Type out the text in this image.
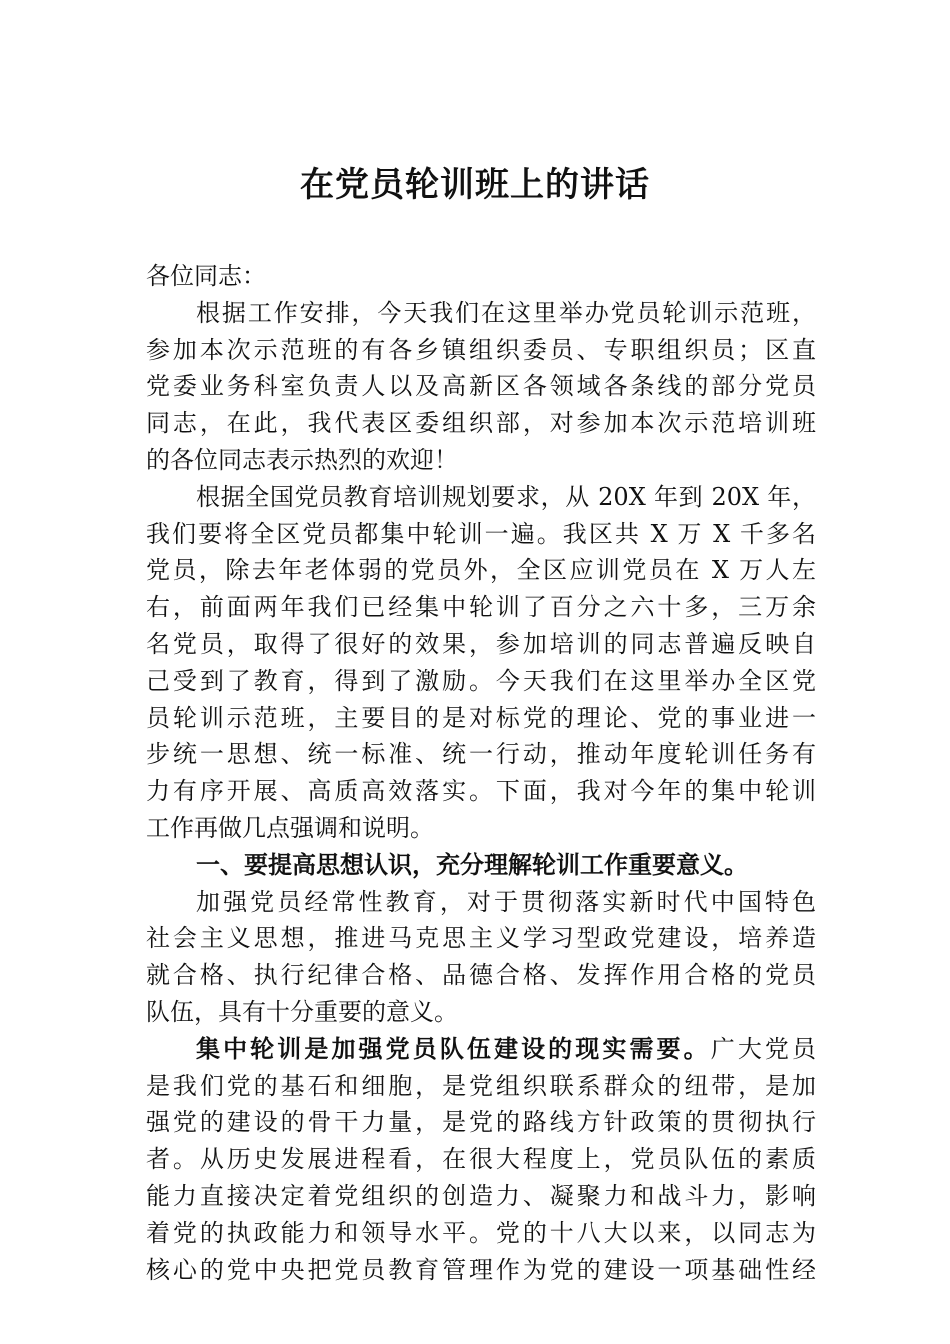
在党员轮训班上的讲话
各位同志：
根据工作安排，今天我们在这里举办党员轮训示范班，
参加本次示范班的有各乡镇组织委员、专职组织员；区直
党委业务科室负责人以及高新区各领域各条线的部分党员
同志，在此，我代表区委组织部，对参加本次示范培训班
的各位同志表示热烈的欢迎！
根据全国党员教育培训规划要求，从 20X 年到 20X 年，
我们要将全区党员都集中轮训一遍。我区共 X 万 X 千多名
党员，除去年老体弱的党员外，全区应训党员在 X 万人左
右，前面两年我们已经集中轮训了百分之六十多，三万余
名党员，取得了很好的效果，参加培训的同志普遍反映自
己受到了教育，得到了激励。今天我们在这里举办全区党
员轮训示范班，主要目的是对标党的理论、党的事业进一
步统一思想、统一标准、统一行动，推动年度轮训任务有
力有序开展、高质高效落实。下面，我对今年的集中轮训
工作再做几点强调和说明。
一、要提高思想认识，充分理解轮训工作重要意义。
加强党员经常性教育，对于贯彻落实新时代中国特色
社会主义思想，推进马克思主义学习型政党建设，培养造
就合格、执行纪律合格、品德合格、发挥作用合格的党员
队伍，具有十分重要的意义。
集中轮训是加强党员队伍建设的现实需要。广大党员
是我们党的基石和细胞，是党组织联系群众的纽带，是加
强党的建设的骨干力量，是党的路线方针政策的贯彻执行
者。从历史发展进程看，在很大程度上，党员队伍的素质
能力直接决定着党组织的创造力、凝聚力和战斗力，影响
着党的执政能力和领导水平。党的十八大以来，以同志为
核心的党中央把党员教育管理作为党的建设一项基础性经
